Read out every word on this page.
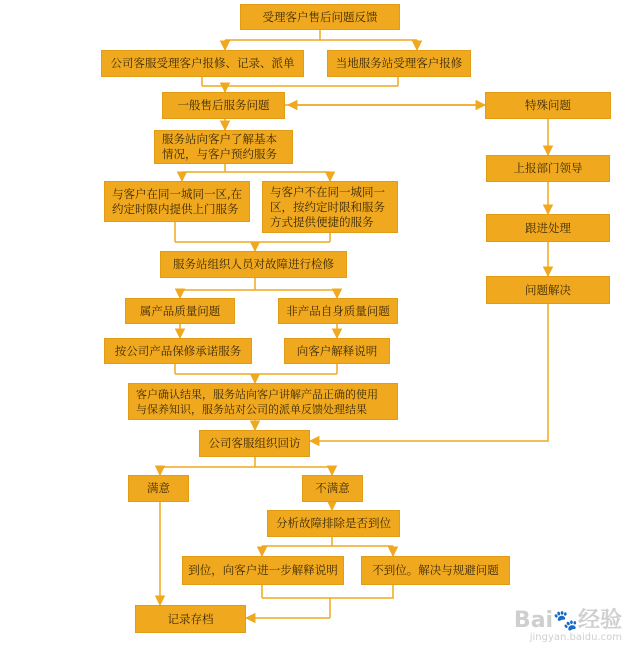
受理客户售后问题反馈
公司客服受理客户报修、记录、派单	当地服务站受理客户报修
一般售后服务问题	特殊问题
服务站向客户了解基本
情况，与客户预约服务
与客户在同一城同一区,在
约定时限内提供上门服务
与客户不在同一城同一
区，按约定时限和服务
方式提供便捷的服务
上报部门领导
跟进处理
问题解决
服务站组织人员对故障进行检修
属产品质量问题	非产品自身质量问题
按公司产品保修承诺服务	向客户解释说明
客户确认结果，服务站向客户讲解产品正确的使用
与保养知识，服务站对公司的派单反馈处理结果
公司客服组织回访
满意	不满意
分析故障排除是否到位
到位，向客户进一步解释说明	不到位。解决与规避问题
记录存档	Bai🐾经验
jingyan.baidu.com
